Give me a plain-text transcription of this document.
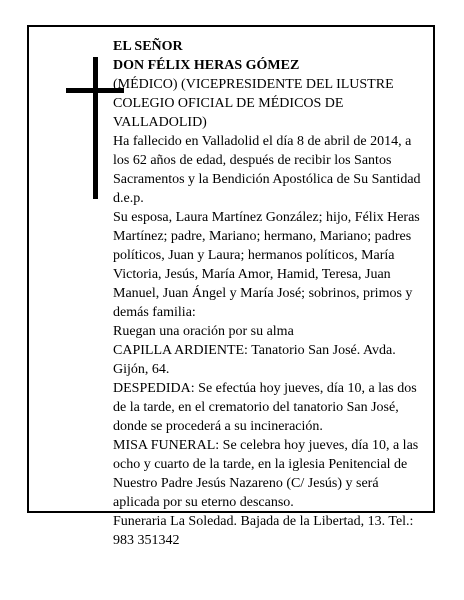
EL SEÑOR
DON FÉLIX HERAS GÓMEZ
(MÉDICO) (VICEPRESIDENTE DEL ILUSTRE
COLEGIO OFICIAL DE MÉDICOS DE
VALLADOLID)
Ha fallecido en Valladolid el día 8 de abril de 2014, a
los 62 años de edad, después de recibir los Santos
Sacramentos y la Bendición Apostólica de Su Santidad
d.e.p.
Su esposa, Laura Martínez González; hijo, Félix Heras
Martínez; padre, Mariano; hermano, Mariano; padres
políticos, Juan y Laura; hermanos políticos, María
Victoria, Jesús, María Amor, Hamid, Teresa, Juan
Manuel, Juan Ángel y María José; sobrinos, primos y
demás familia:
Ruegan una oración por su alma
CAPILLA ARDIENTE: Tanatorio San José. Avda.
Gijón, 64.
DESPEDIDA: Se efectúa hoy jueves, día 10, a las dos
de la tarde, en el crematorio del tanatorio San José,
donde se procederá a su incineración.
MISA FUNERAL: Se celebra hoy jueves, día 10, a las
ocho y cuarto de la tarde, en la iglesia Penitencial de
Nuestro Padre Jesús Nazareno (C/ Jesús) y será
aplicada por su eterno descanso.
Funeraria La Soledad. Bajada de la Libertad, 13. Tel.:
983 351342
